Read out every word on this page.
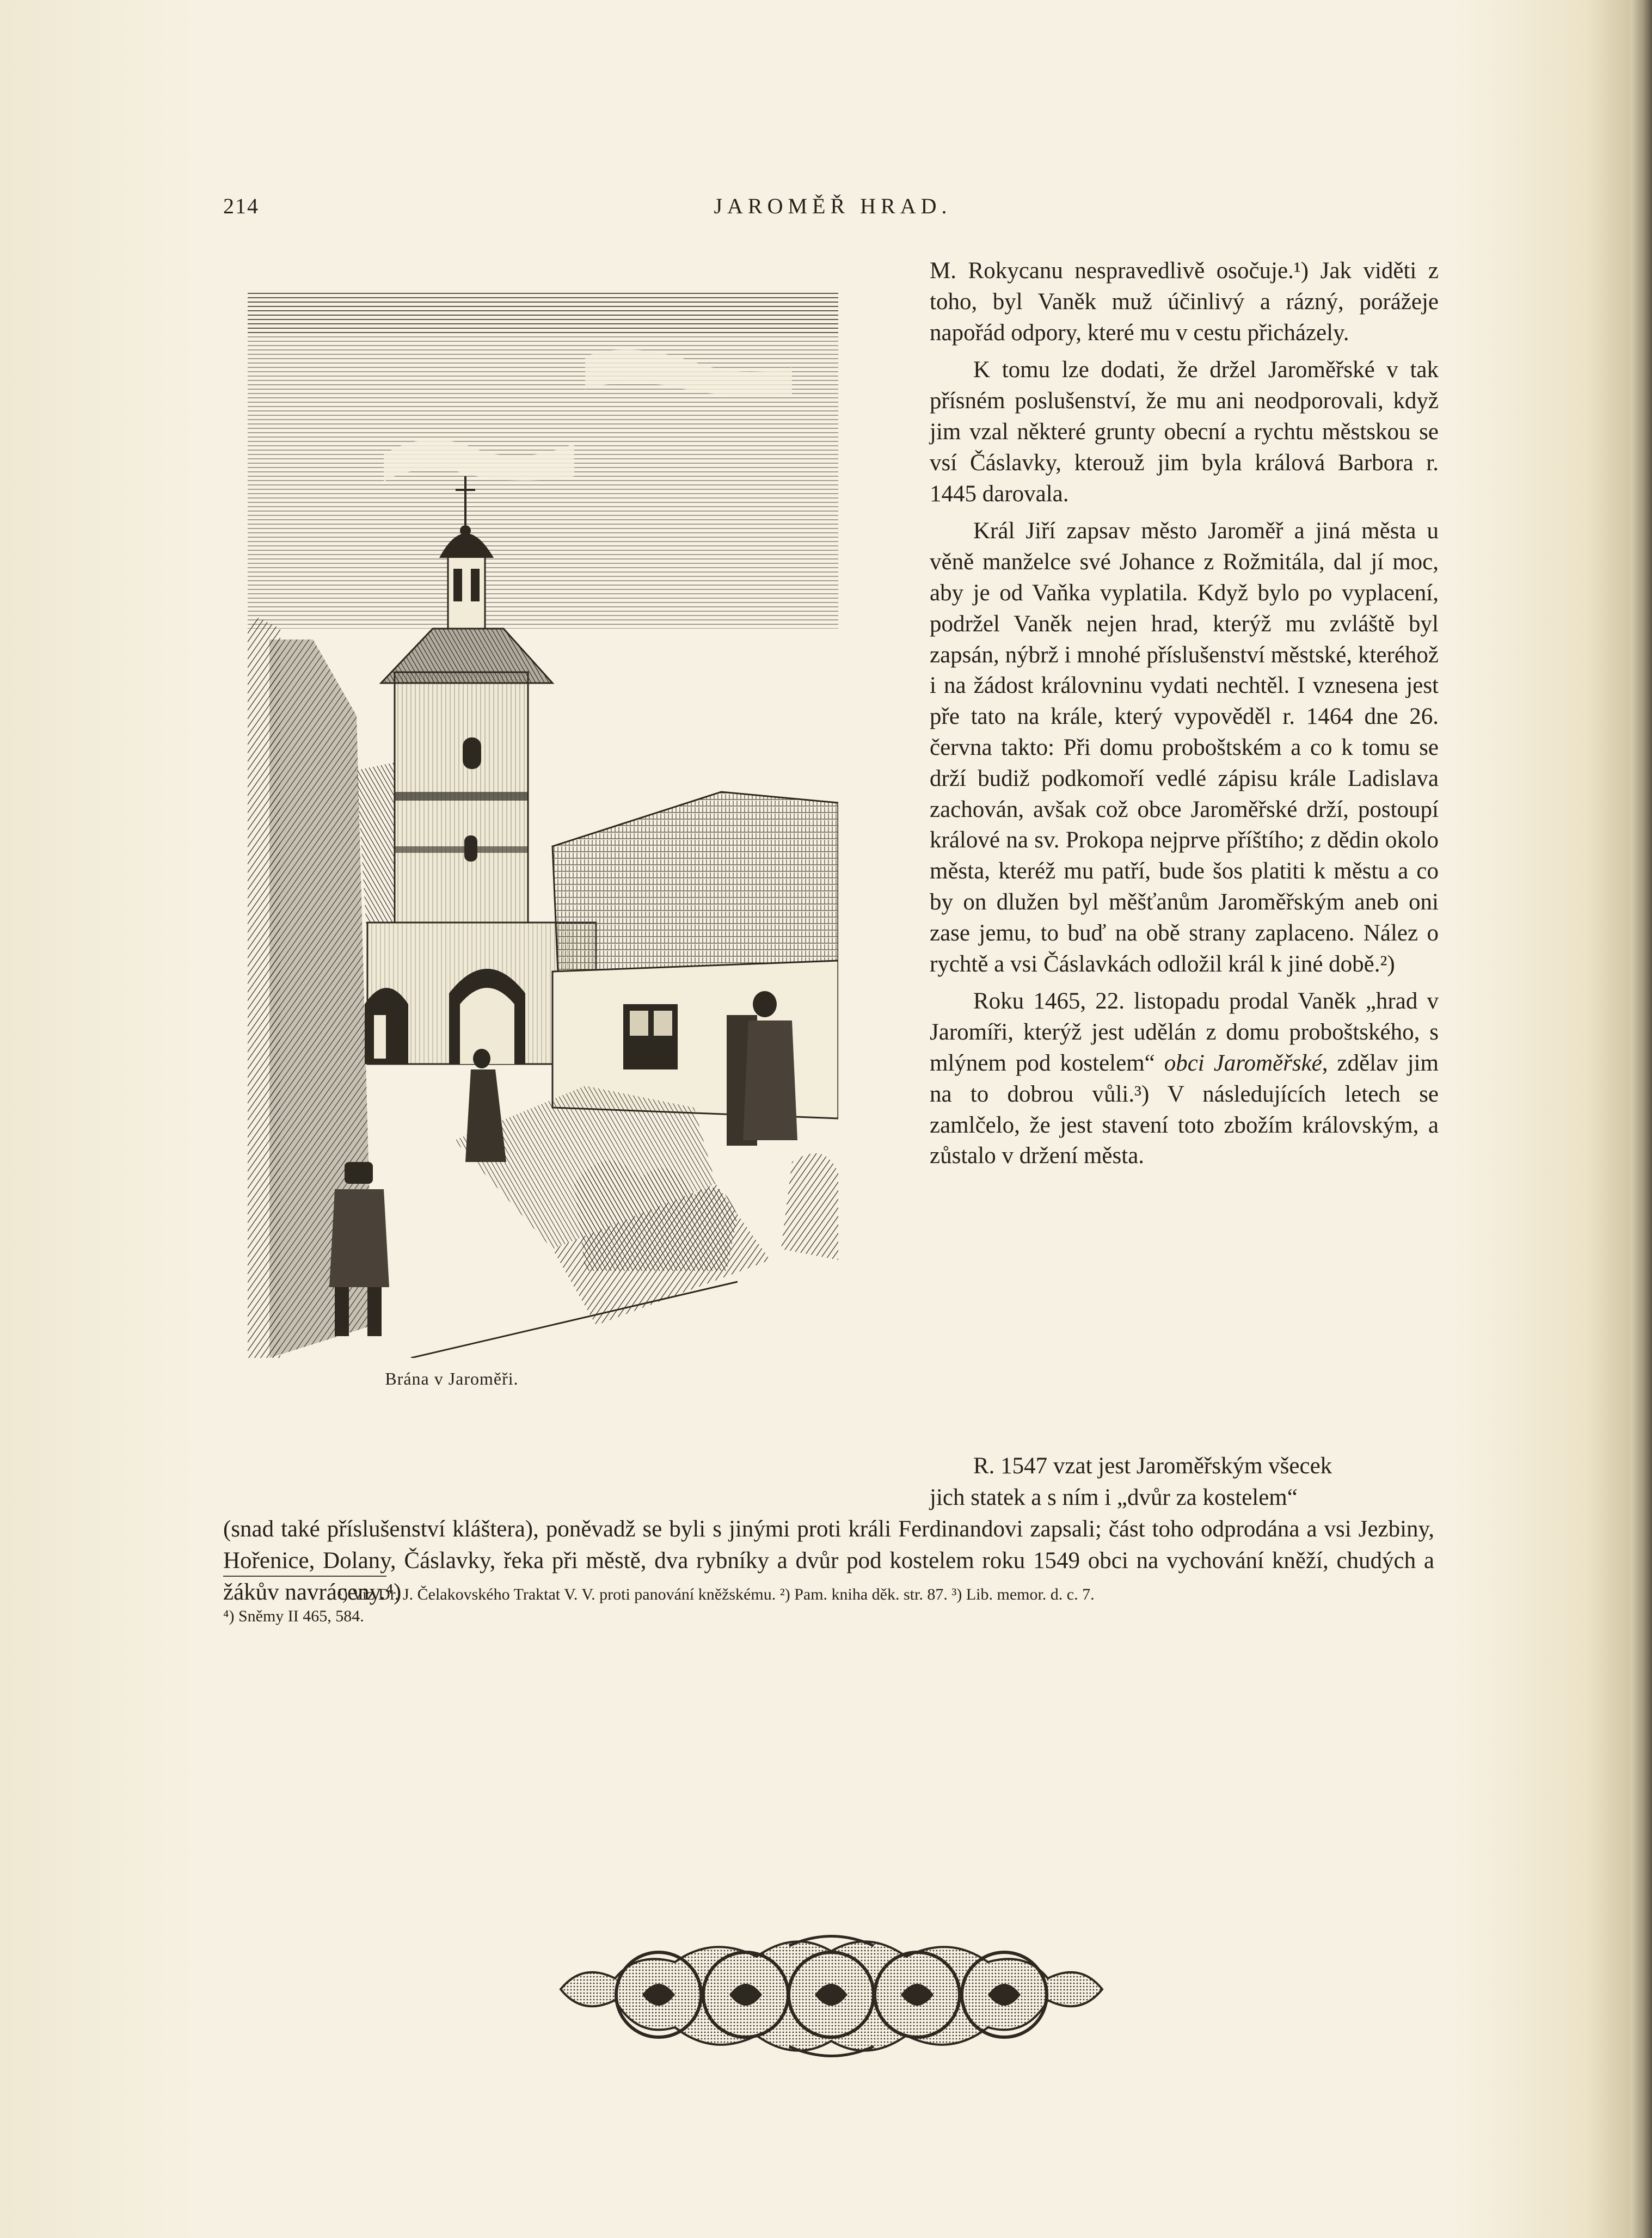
214	JAROMĚŘ HRAD.
Brána v Jaroměři.

M. Rokycanu nespravedlivě osočuje.¹) Jak viděti z toho, byl Vaněk muž účinlivý a rázný, porážeje napořád odpory, které mu v cestu přicházely.

K tomu lze dodati, že držel Jaroměřské v tak přísném poslušenství, že mu ani neodporovali, když jim vzal některé grunty obecní a rychtu městskou se vsí Čáslavky, kterouž jim byla králová Barbora r. 1445 darovala.

Král Jiří zapsav město Jaroměř a jiná města u věně manželce své Johance z Rožmitála, dal jí moc, aby je od Vaňka vyplatila. Když bylo po vyplacení, podržel Vaněk nejen hrad, kterýž mu zvláště byl zapsán, nýbrž i mnohé příslušenství městské, kteréhož i na žádost královninu vydati nechtěl. I vznesena jest pře tato na krále, který vypověděl r. 1464 dne 26. června takto: Při domu proboštském a co k tomu se drží budiž podkomoří vedlé zápisu krále Ladislava zachován, avšak což obce Jaroměřské drží, postoupí králové na sv. Prokopa nejprve příštího; z dědin okolo města, kteréž mu patří, bude šos platiti k městu a co by on dlužen byl měšťanům Jaroměřským aneb oni zase jemu, to buď na obě strany zaplaceno. Nález o rychtě a vsi Čáslavkách odložil král k jiné době.²)

Roku 1465, 22. listopadu prodal Vaněk „hrad v Jaromíři, kterýž jest udělán z domu proboštského, s mlýnem pod kostelem“ obci Jaroměřské, zdělav jim na to dobrou vůli.³) V následujících letech se zamlčelo, že jest stavení toto zbožím královským, a zůstalo v držení města.

R. 1547 vzat jest Jaroměřským všecek
jich statek a s ním i „dvůr za kostelem“
(snad také příslušenství kláštera), poněvadž se byli s jinými proti králi Ferdinandovi zapsali; část toho odprodána a vsi Jezbiny, Hořenice, Dolany, Čáslavky, řeka při městě, dva rybníky a dvůr pod kostelem roku 1549 obci na vychování kněží, chudých a žákův navráceny.⁴)
¹) Viz Dr. J. Čelakovského Traktat V. V. proti panování kněžskému. ²) Pam. kniha děk. str. 87. ³) Lib. memor. d. c. 7.
⁴) Sněmy II 465, 584.
